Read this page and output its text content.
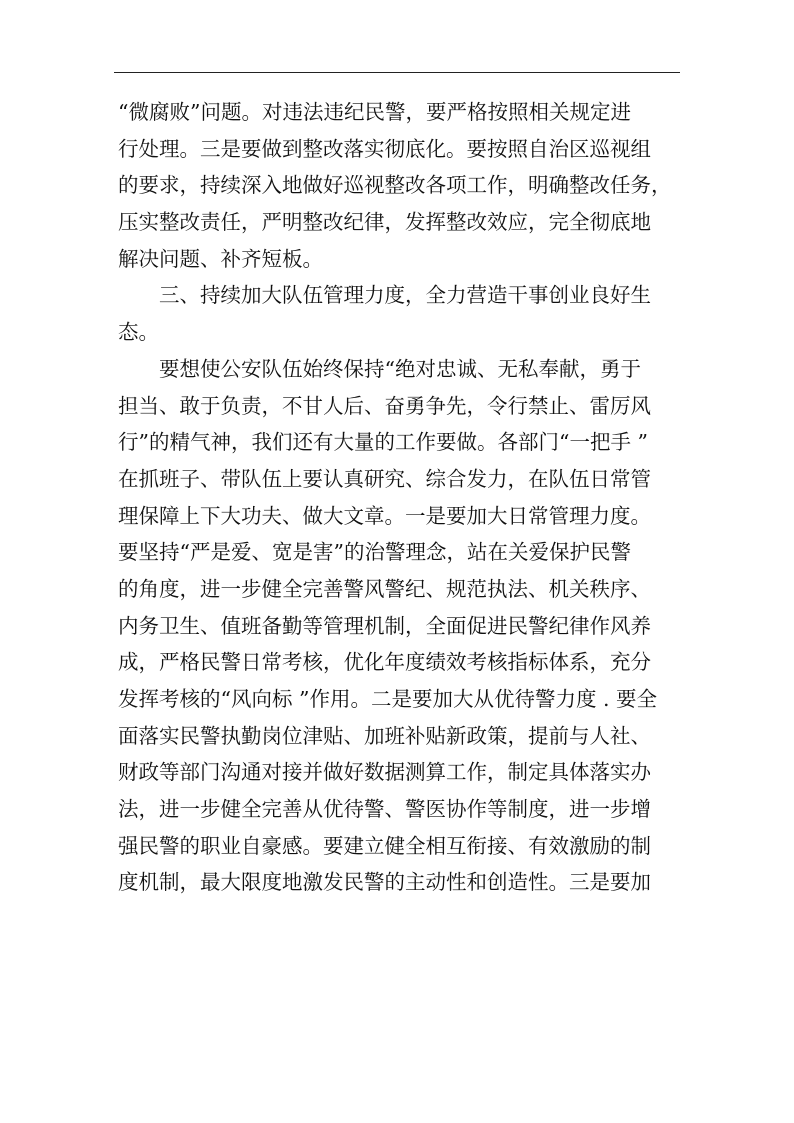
“微腐败”问题。对违法违纪民警，要严格按照相关规定进
行处理。三是要做到整改落实彻底化。要按照自治区巡视组
的要求，持续深入地做好巡视整改各项工作，明确整改任务，
压实整改责任，严明整改纪律，发挥整改效应，完全彻底地
解决问题、补齐短板。
　　三、持续加大队伍管理力度，全力营造干事创业良好生
态。
　　要想使公安队伍始终保持“绝对忠诚、无私奉献，勇于
担当、敢于负责，不甘人后、奋勇争先，令行禁止、雷厉风
行”的精气神，我们还有大量的工作要做。各部门“一把手 ”
在抓班子、带队伍上要认真研究、综合发力，在队伍日常管
理保障上下大功夫、做大文章。一是要加大日常管理力度。
要坚持“严是爱、宽是害”的治警理念，站在关爱保护民警
的角度，进一步健全完善警风警纪、规范执法、机关秩序、
内务卫生、值班备勤等管理机制，全面促进民警纪律作风养
成，严格民警日常考核，优化年度绩效考核指标体系，充分
发挥考核的“风向标 ”作用。二是要加大从优待警力度 . 要全
面落实民警执勤岗位津贴、加班补贴新政策，提前与人社、
财政等部门沟通对接并做好数据测算工作，制定具体落实办
法，进一步健全完善从优待警、警医协作等制度，进一步增
强民警的职业自豪感。要建立健全相互衔接、有效激励的制
度机制，最大限度地激发民警的主动性和创造性。三是要加
